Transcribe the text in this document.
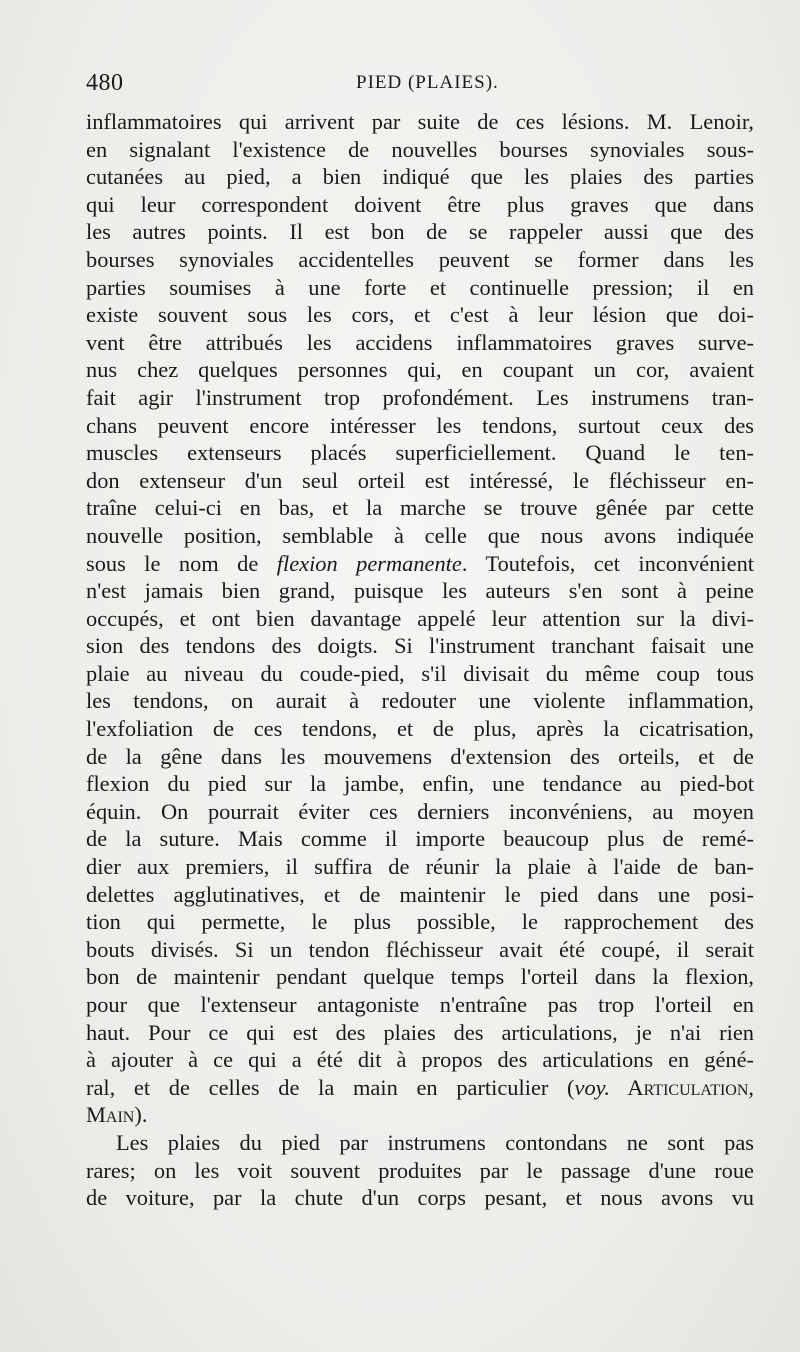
480	PIED (PLAIES).
inflammatoires qui arrivent par suite de ces lésions. M. Lenoir,
en signalant l'existence de nouvelles bourses synoviales sous-
cutanées au pied, a bien indiqué que les plaies des parties
qui leur correspondent doivent être plus graves que dans
les autres points. Il est bon de se rappeler aussi que des
bourses synoviales accidentelles peuvent se former dans les
parties soumises à une forte et continuelle pression; il en
existe souvent sous les cors, et c'est à leur lésion que doi-
vent être attribués les accidens inflammatoires graves surve-
nus chez quelques personnes qui, en coupant un cor, avaient
fait agir l'instrument trop profondément. Les instrumens tran-
chans peuvent encore intéresser les tendons, surtout ceux des
muscles extenseurs placés superficiellement. Quand le ten-
don extenseur d'un seul orteil est intéressé, le fléchisseur en-
traîne celui-ci en bas, et la marche se trouve gênée par cette
nouvelle position, semblable à celle que nous avons indiquée
sous le nom de flexion permanente. Toutefois, cet inconvénient
n'est jamais bien grand, puisque les auteurs s'en sont à peine
occupés, et ont bien davantage appelé leur attention sur la divi-
sion des tendons des doigts. Si l'instrument tranchant faisait une
plaie au niveau du coude-pied, s'il divisait du même coup tous
les tendons, on aurait à redouter une violente inflammation,
l'exfoliation de ces tendons, et de plus, après la cicatrisation,
de la gêne dans les mouvemens d'extension des orteils, et de
flexion du pied sur la jambe, enfin, une tendance au pied-bot
équin. On pourrait éviter ces derniers inconvéniens, au moyen
de la suture. Mais comme il importe beaucoup plus de remé-
dier aux premiers, il suffira de réunir la plaie à l'aide de ban-
delettes agglutinatives, et de maintenir le pied dans une posi-
tion qui permette, le plus possible, le rapprochement des
bouts divisés. Si un tendon fléchisseur avait été coupé, il serait
bon de maintenir pendant quelque temps l'orteil dans la flexion,
pour que l'extenseur antagoniste n'entraîne pas trop l'orteil en
haut. Pour ce qui est des plaies des articulations, je n'ai rien
à ajouter à ce qui a été dit à propos des articulations en géné-
ral, et de celles de la main en particulier (voy. Articulation,
Main).
Les plaies du pied par instrumens contondans ne sont pas
rares; on les voit souvent produites par le passage d'une roue
de voiture, par la chute d'un corps pesant, et nous avons vu
